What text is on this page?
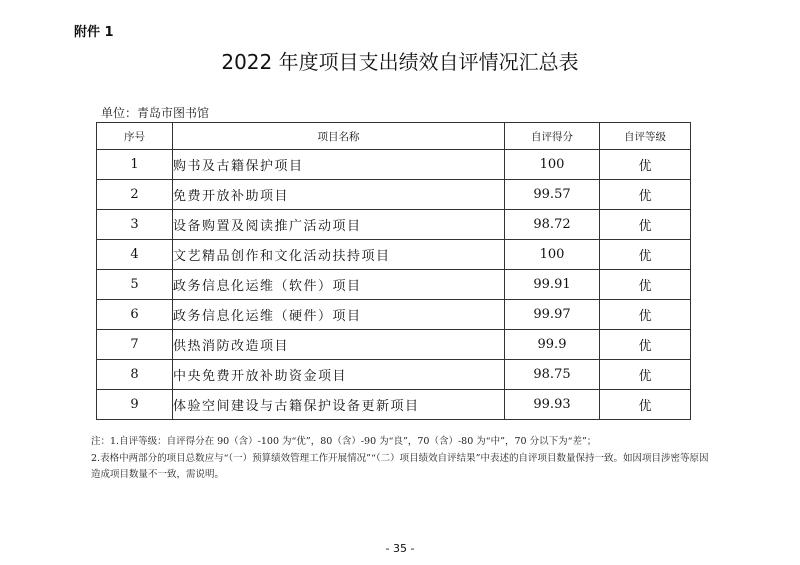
附件 1
2022 年度项目支出绩效自评情况汇总表
单位：青岛市图书馆
序号	项目名称	自评得分	自评等级
1	购书及古籍保护项目	100	优
2	免费开放补助项目	99.57	优
3	设备购置及阅读推广活动项目	98.72	优
4	文艺精品创作和文化活动扶持项目	100	优
5	政务信息化运维（软件）项目	99.91	优
6	政务信息化运维（硬件）项目	99.97	优
7	供热消防改造项目	99.9	优
8	中央免费开放补助资金项目	98.75	优
9	体验空间建设与古籍保护设备更新项目	99.93	优
注：1.自评等级：自评得分在 90（含）-100 为“优”，80（含）-90 为“良”，70（含）-80 为“中”，70 分以下为“差”；
2.表格中两部分的项目总数应与“（一）预算绩效管理工作开展情况”“（二）项目绩效自评结果”中表述的自评项目数量保持一致。如因项目涉密等原因造成项目数量不一致，需说明。
- 35 -
